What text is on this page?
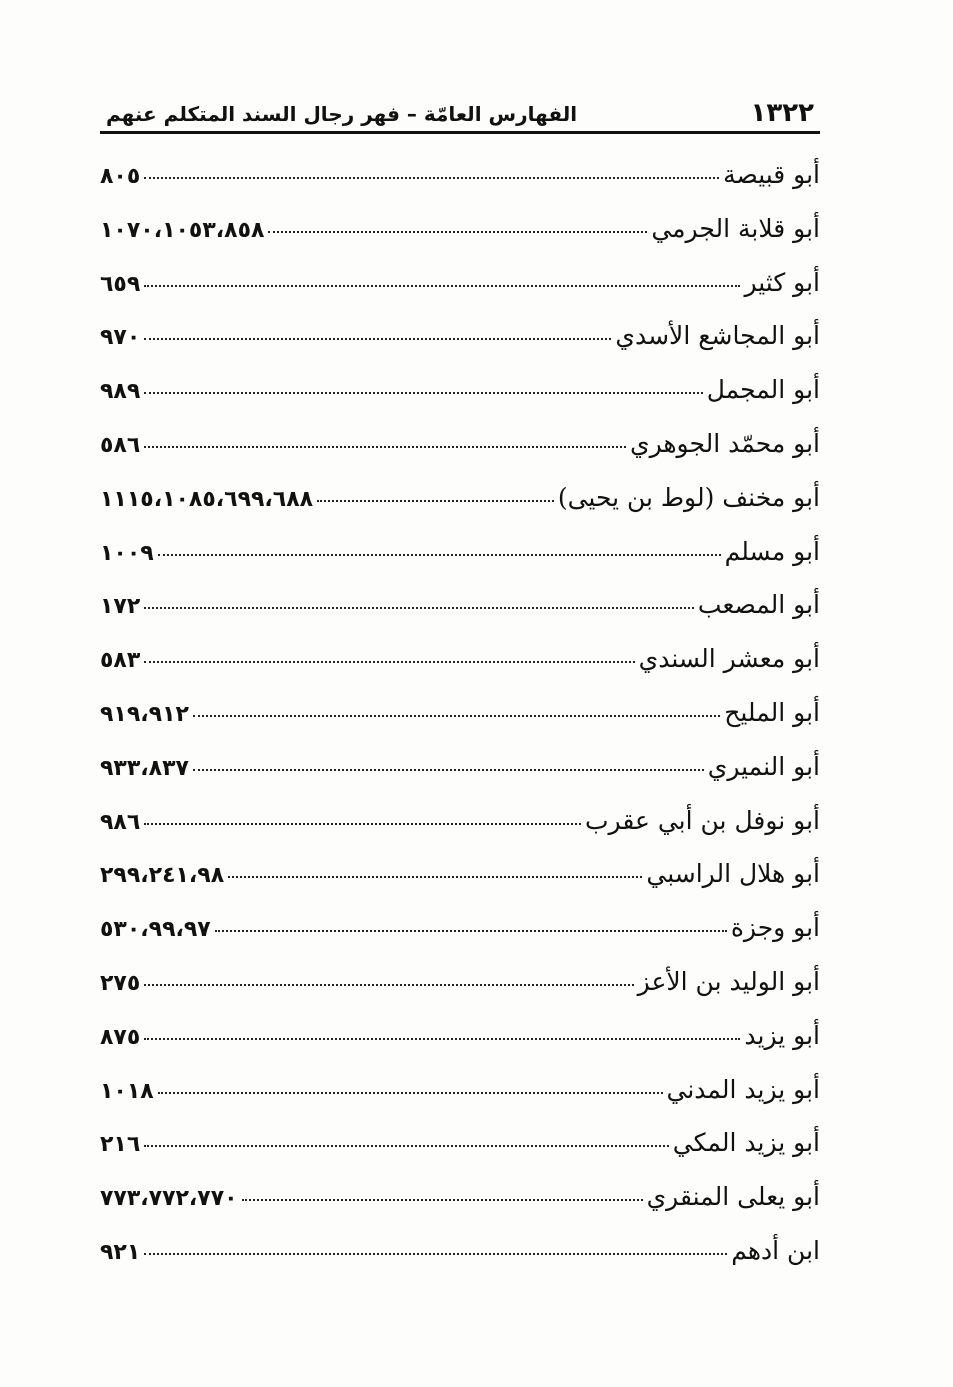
١٣٢٢
الفهارس العامّة – فهر رجال السند المتكلم عنهم
أبو قبيصة
٨٠٥
أبو قلابة الجرمي
١٠٧٠،١٠٥٣،٨٥٨
أبو كثير
٦٥٩
أبو المجاشع الأسدي
٩٧٠
أبو المجمل
٩٨٩
أبو محمّد الجوهري
٥٨٦
أبو مخنف (لوط بن يحيى)
١١١٥،١٠٨٥،٦٩٩،٦٨٨
أبو مسلم
١٠٠٩
أبو المصعب
١٧٢
أبو معشر السندي
٥٨٣
أبو المليح
٩١٩،٩١٢
أبو النميري
٩٣٣،٨٣٧
أبو نوفل بن أبي عقرب
٩٨٦
أبو هلال الراسبي
٢٩٩،٢٤١،٩٨
أبو وجزة
٥٣٠،٩٩،٩٧
أبو الوليد بن الأعز
٢٧٥
أبو يزيد
٨٧٥
أبو يزيد المدني
١٠١٨
أبو يزيد المكي
٢١٦
أبو يعلى المنقري
٧٧٣،٧٧٢،٧٧٠
ابن أدهم
٩٢١
